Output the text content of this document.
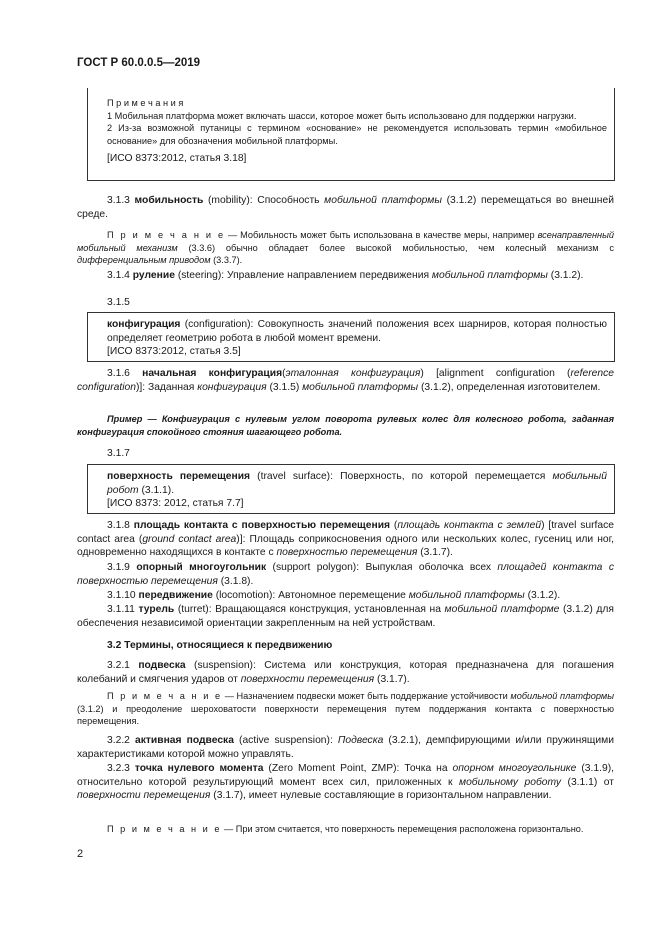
ГОСТ Р 60.0.0.5—2019
П р и м е ч а н и я
1 Мобильная платформа может включать шасси, которое может быть использовано для поддержки нагрузки.
2 Из-за возможной путаницы с термином «основание» не рекомендуется использовать термин «мобильное основание» для обозначения мобильной платформы.
[ИСО 8373:2012, статья 3.18]
3.1.3 мобильность (mobility): Способность мобильной платформы (3.1.2) перемещаться во внешней среде.
П р и м е ч а н и е — Мобильность может быть использована в качестве меры, например всенаправленный мобильный механизм (3.3.6) обычно обладает более высокой мобильностью, чем колесный механизм с дифференциальным приводом (3.3.7).
3.1.4 руление (steering): Управление направлением передвижения мобильной платформы (3.1.2).
3.1.5
конфигурация (configuration): Совокупность значений положения всех шарниров, которая полностью определяет геометрию робота в любой момент времени.
[ИСО 8373:2012, статья 3.5]
3.1.6 начальная конфигурация(эталонная конфигурация) [alignment configuration (reference configuration)]: Заданная конфигурация (3.1.5) мобильной платформы (3.1.2), определенная изготовителем.
Пример — Конфигурация с нулевым углом поворота рулевых колес для колесного робота, заданная конфигурация спокойного стояния шагающего робота.
3.1.7
поверхность перемещения (travel surface): Поверхность, по которой перемещается мобильный робот (3.1.1).
[ИСО 8373: 2012, статья 7.7]
3.1.8 площадь контакта с поверхностью перемещения (площадь контакта с землей) [travel surface contact area (ground contact area)]: Площадь соприкосновения одного или нескольких колес, гусениц или ног, одновременно находящихся в контакте с поверхностью перемещения (3.1.7).
3.1.9 опорный многоугольник (support polygon): Выпуклая оболочка всех площадей контакта с поверхностью перемещения (3.1.8).
3.1.10 передвижение (locomotion): Автономное перемещение мобильной платформы (3.1.2).
3.1.11 турель (turret): Вращающаяся конструкция, установленная на мобильной платформе (3.1.2) для обеспечения независимой ориентации закрепленным на ней устройствам.
3.2 Термины, относящиеся к передвижению
3.2.1 подвеска (suspension): Система или конструкция, которая предназначена для погашения колебаний и смягчения ударов от поверхности перемещения (3.1.7).
П р и м е ч а н и е — Назначением подвески может быть поддержание устойчивости мобильной платформы (3.1.2) и преодоление шероховатости поверхности перемещения путем поддержания контакта с поверхностью перемещения.
3.2.2 активная подвеска (active suspension): Подвеска (3.2.1), демпфирующими и/или пружинящими характеристиками которой можно управлять.
3.2.3 точка нулевого момента (Zero Moment Point, ZMP): Точка на опорном многоугольнике (3.1.9), относительно которой результирующий момент всех сил, приложенных к мобильному роботу (3.1.1) от поверхности перемещения (3.1.7), имеет нулевые составляющие в горизонтальном направлении.
П р и м е ч а н и е — При этом считается, что поверхность перемещения расположена горизонтально.
2
